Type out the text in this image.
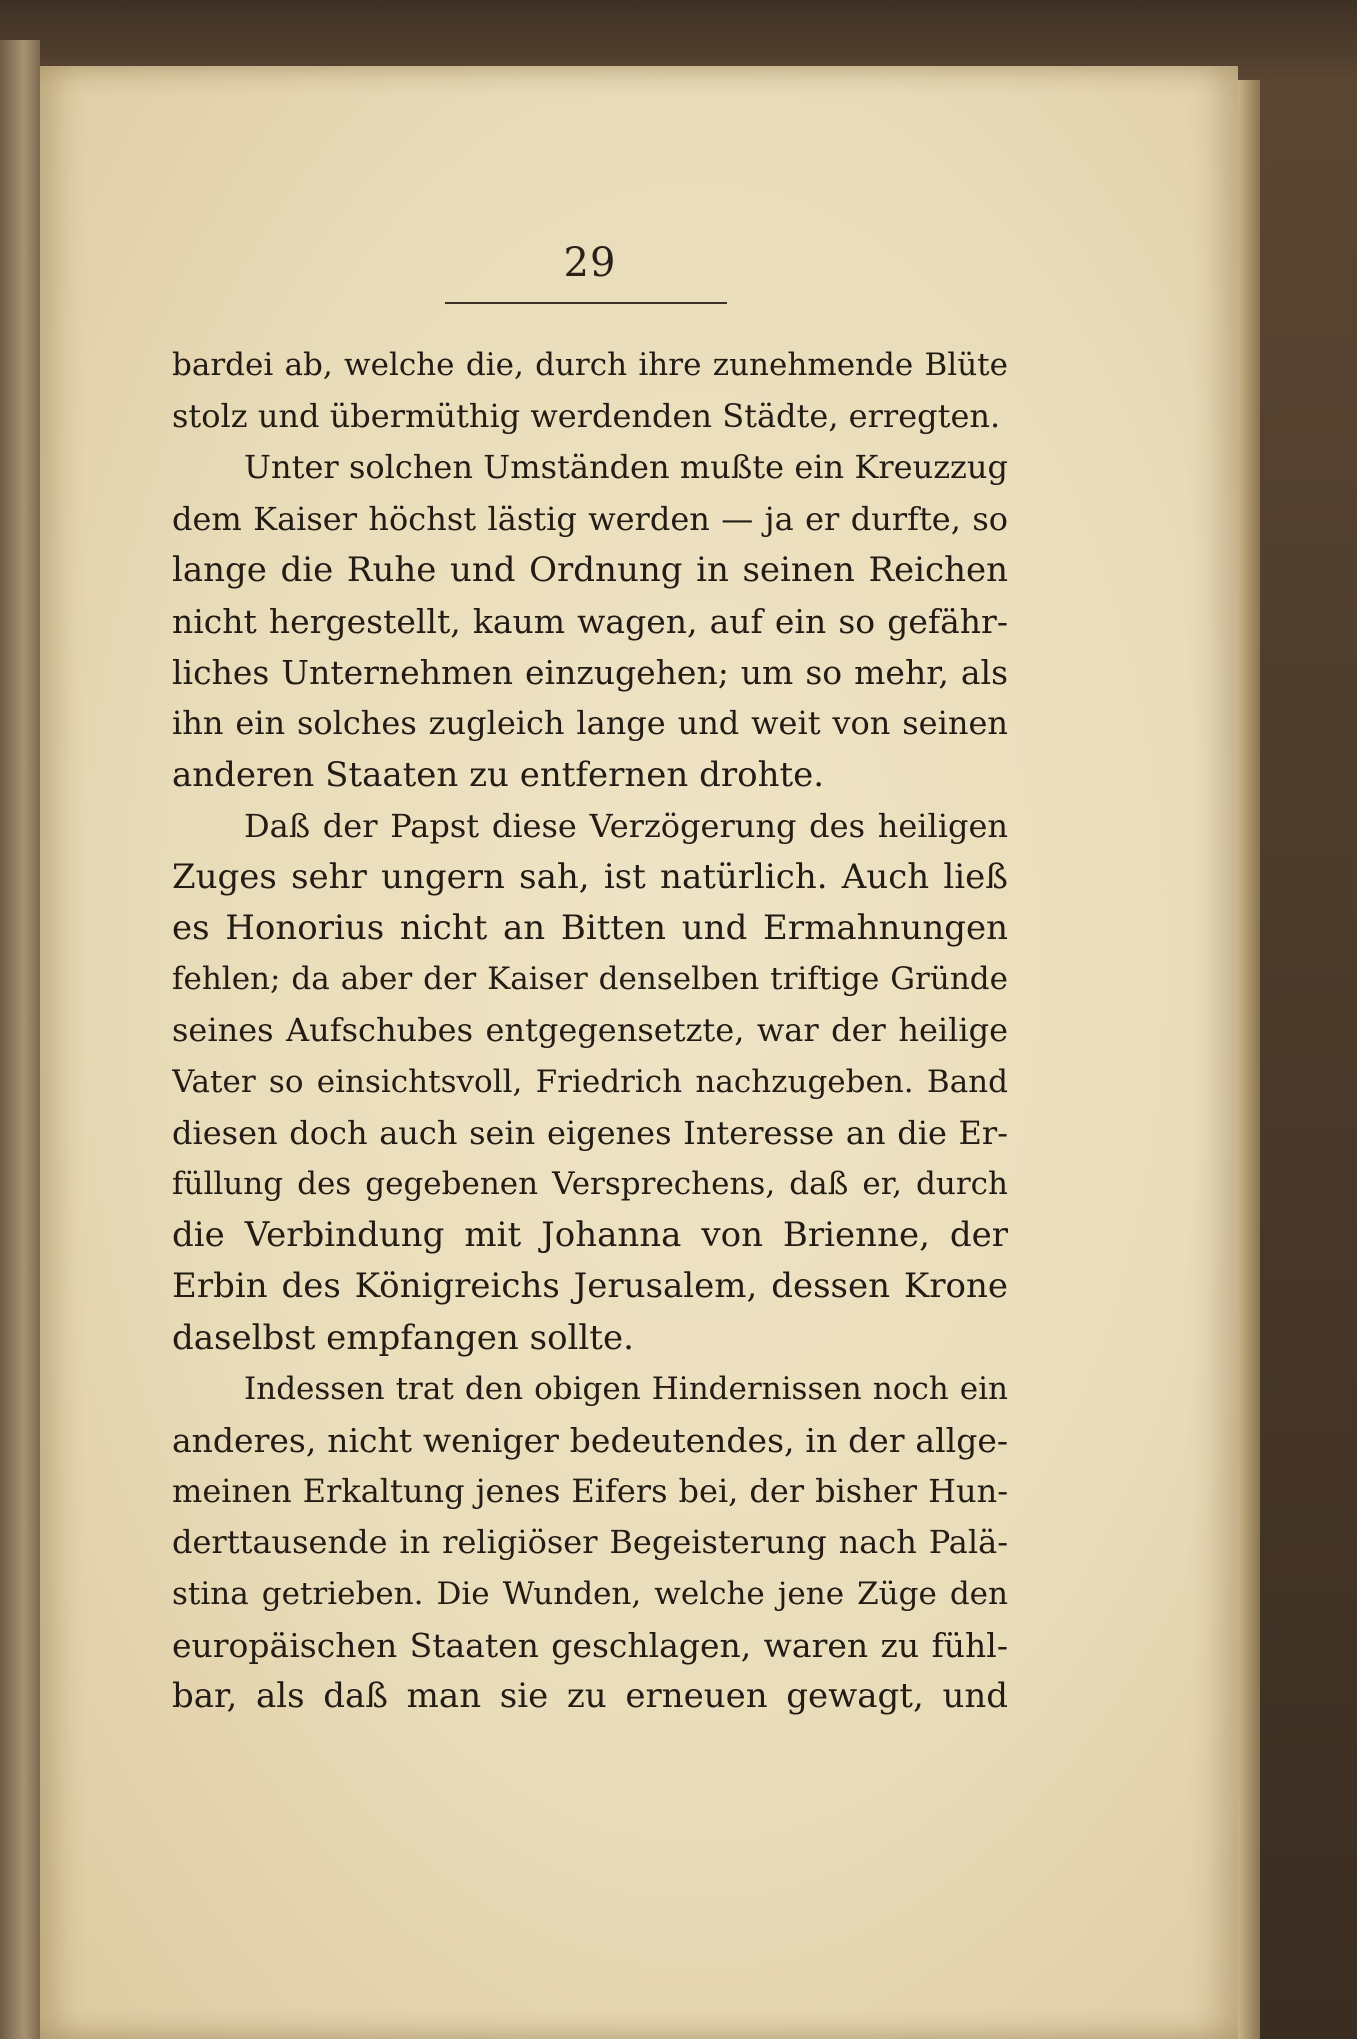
29
bardei ab, welche die, durch ihre zunehmende Blüte
stolz und übermüthig werdenden Städte, erregten.
Unter solchen Umständen mußte ein Kreuzzug
dem Kaiser höchst lästig werden — ja er durfte, so
lange die Ruhe und Ordnung in seinen Reichen
nicht hergestellt, kaum wagen, auf ein so gefähr-
liches Unternehmen einzugehen; um so mehr, als
ihn ein solches zugleich lange und weit von seinen
anderen Staaten zu entfernen drohte.
Daß der Papst diese Verzögerung des heiligen
Zuges sehr ungern sah, ist natürlich. Auch ließ
es Honorius nicht an Bitten und Ermahnungen
fehlen; da aber der Kaiser denselben triftige Gründe
seines Aufschubes entgegensetzte, war der heilige
Vater so einsichtsvoll, Friedrich nachzugeben. Band
diesen doch auch sein eigenes Interesse an die Er-
füllung des gegebenen Versprechens, daß er, durch
die Verbindung mit Johanna von Brienne, der
Erbin des Königreichs Jerusalem, dessen Krone
daselbst empfangen sollte.
Indessen trat den obigen Hindernissen noch ein
anderes, nicht weniger bedeutendes, in der allge-
meinen Erkaltung jenes Eifers bei, der bisher Hun-
derttausende in religiöser Begeisterung nach Palä-
stina getrieben. Die Wunden, welche jene Züge den
europäischen Staaten geschlagen, waren zu fühl-
bar, als daß man sie zu erneuen gewagt, und
